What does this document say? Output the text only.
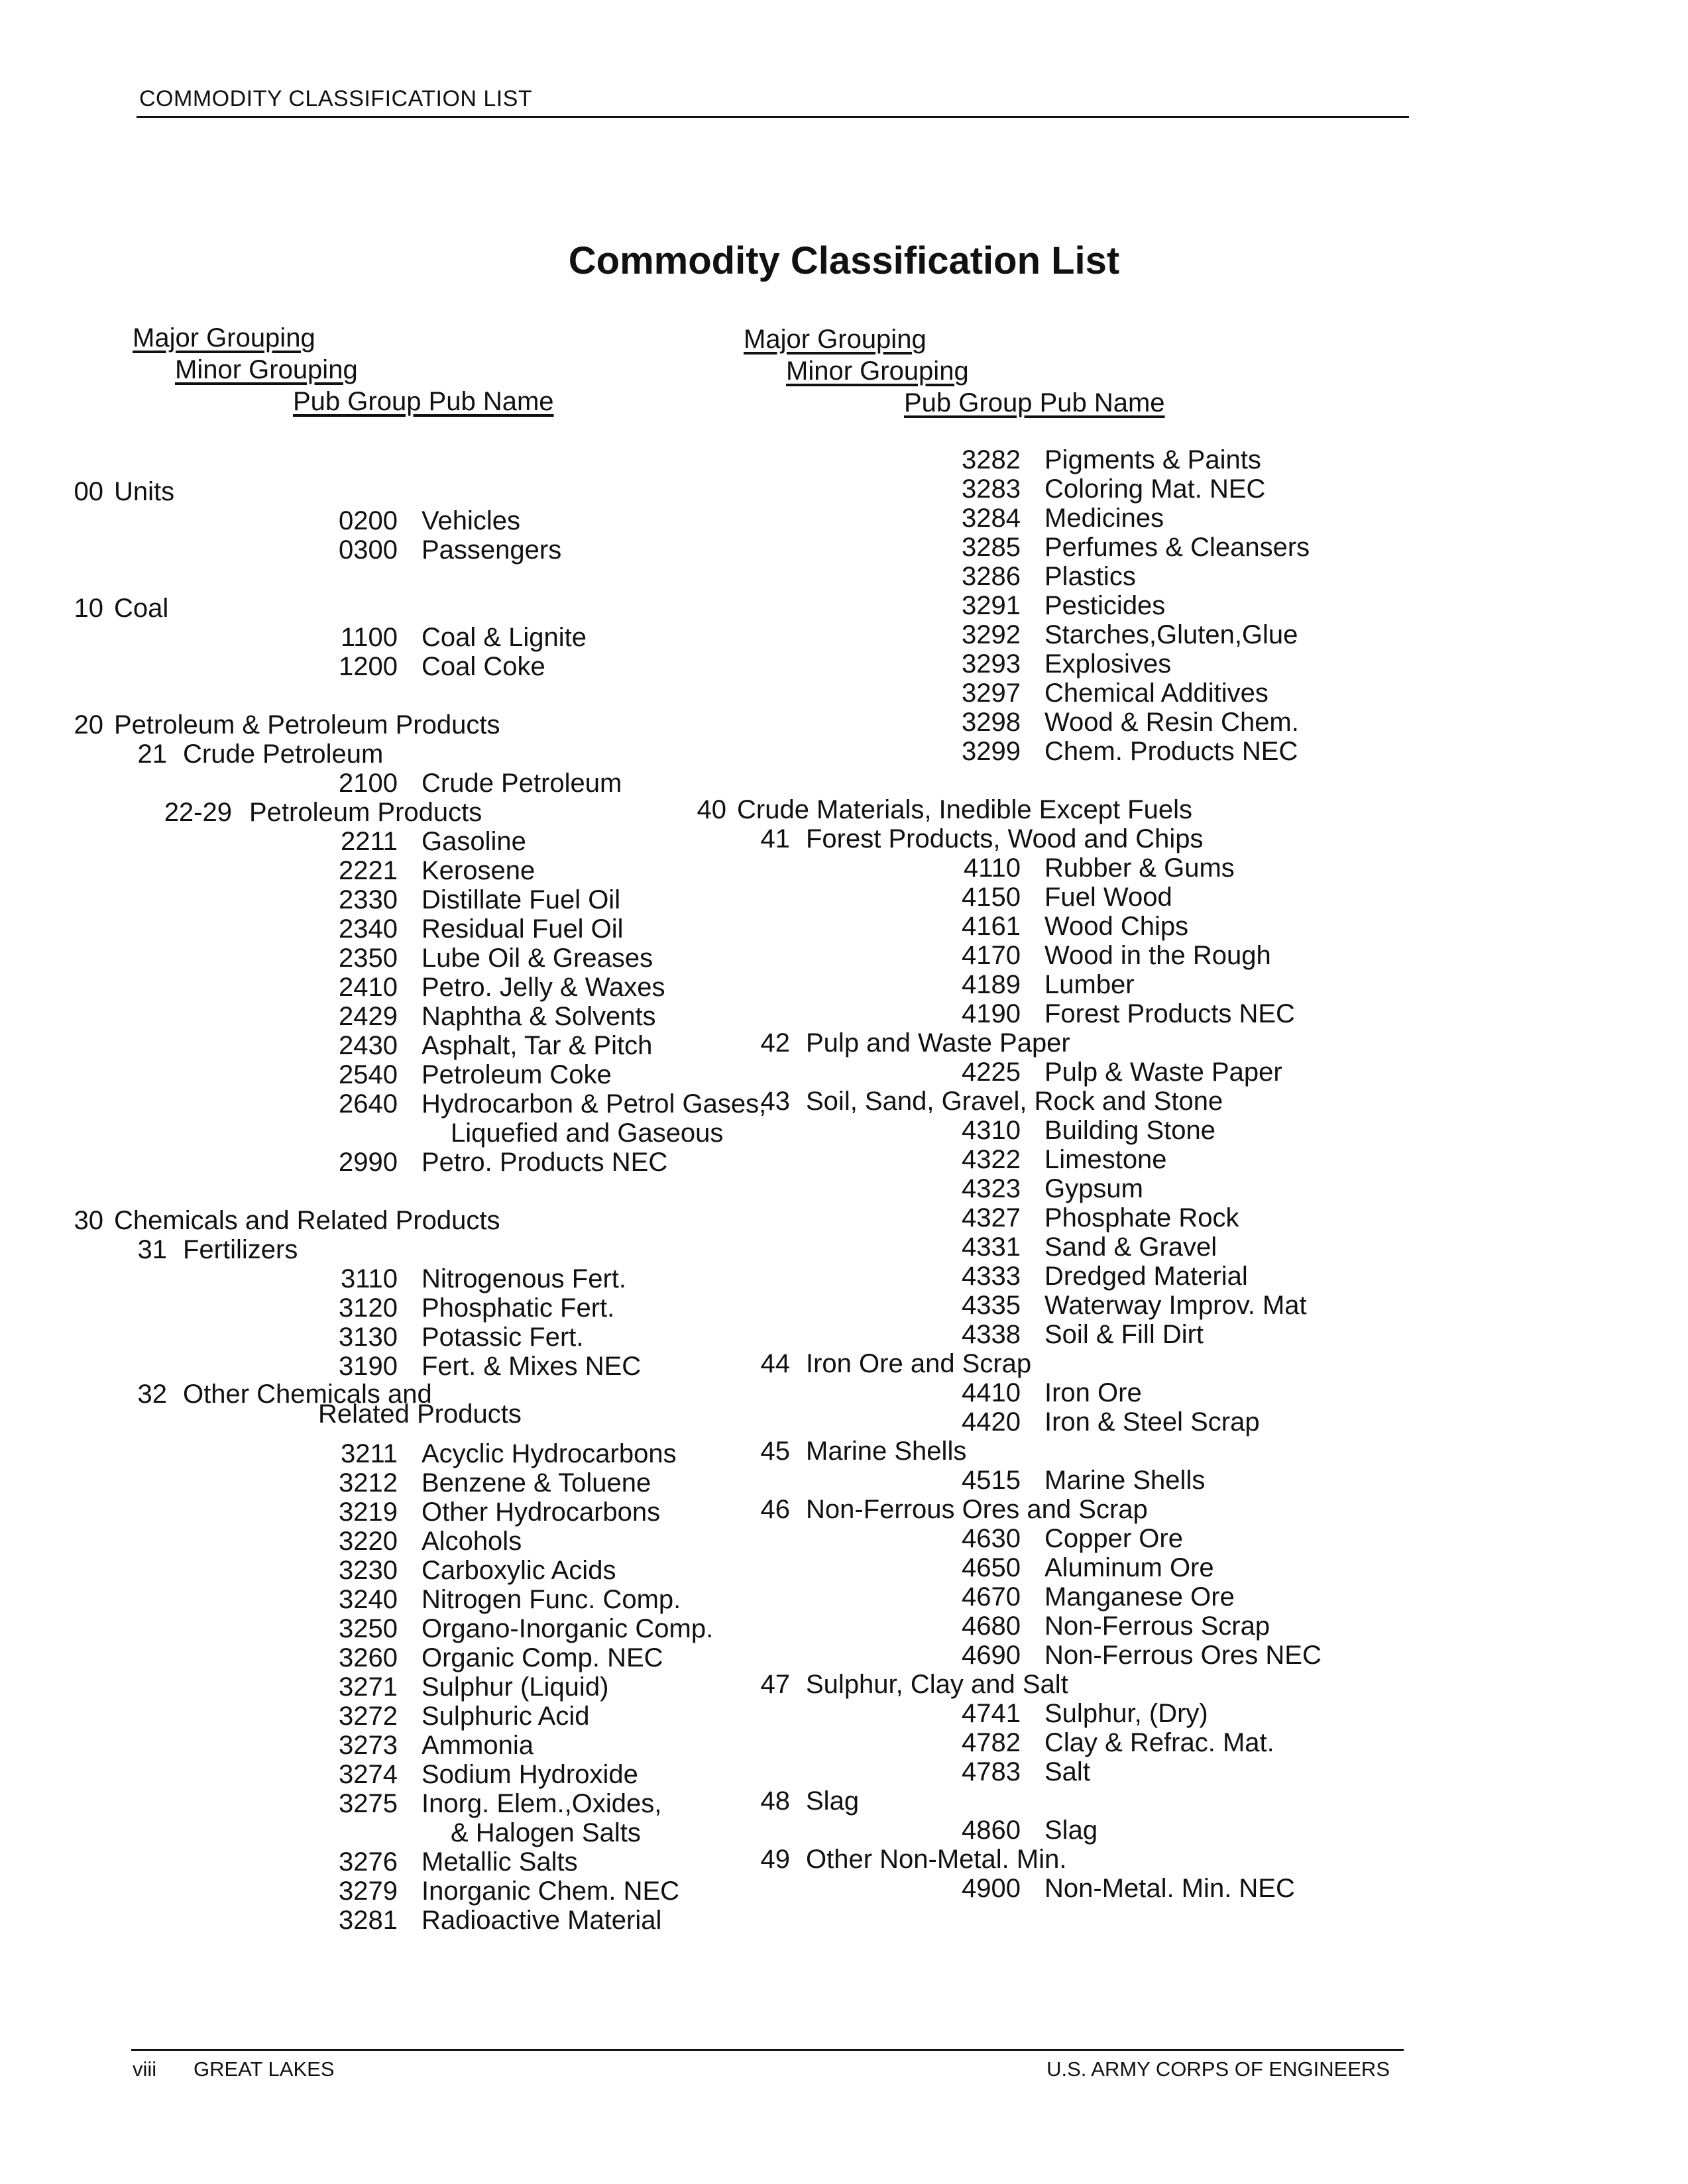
COMMODITY CLASSIFICATION LIST
Commodity Classification List
Major Grouping
Minor Grouping
Pub Group Pub Name
Major Grouping
Minor Grouping
Pub Group Pub Name
00 Units
0200 Vehicles
0300 Passengers
10 Coal
1100 Coal & Lignite
1200 Coal Coke
20 Petroleum & Petroleum Products
21 Crude Petroleum
2100 Crude Petroleum
22-29 Petroleum Products
2211 Gasoline
2221 Kerosene
2330 Distillate Fuel Oil
2340 Residual Fuel Oil
2350 Lube Oil & Greases
2410 Petro. Jelly & Waxes
2429 Naphtha & Solvents
2430 Asphalt, Tar & Pitch
2540 Petroleum Coke
2640 Hydrocarbon & Petrol Gases,
Liquefied and Gaseous
2990 Petro. Products NEC
30 Chemicals and Related Products
31 Fertilizers
3110 Nitrogenous Fert.
3120 Phosphatic Fert.
3130 Potassic Fert.
3190 Fert. & Mixes NEC
32 Other Chemicals and
Related Products
3211 Acyclic Hydrocarbons
3212 Benzene & Toluene
3219 Other Hydrocarbons
3220 Alcohols
3230 Carboxylic Acids
3240 Nitrogen Func. Comp.
3250 Organo-Inorganic Comp.
3260 Organic Comp. NEC
3271 Sulphur (Liquid)
3272 Sulphuric Acid
3273 Ammonia
3274 Sodium Hydroxide
3275 Inorg. Elem.,Oxides,
& Halogen Salts
3276 Metallic Salts
3279 Inorganic Chem. NEC
3281 Radioactive Material
3282 Pigments & Paints
3283 Coloring Mat. NEC
3284 Medicines
3285 Perfumes & Cleansers
3286 Plastics
3291 Pesticides
3292 Starches,Gluten,Glue
3293 Explosives
3297 Chemical Additives
3298 Wood & Resin Chem.
3299 Chem. Products NEC
40 Crude Materials, Inedible Except Fuels
41 Forest Products, Wood and Chips
4110 Rubber & Gums
4150 Fuel Wood
4161 Wood Chips
4170 Wood in the Rough
4189 Lumber
4190 Forest Products NEC
42 Pulp and Waste Paper
4225 Pulp & Waste Paper
43 Soil, Sand, Gravel, Rock and Stone
4310 Building Stone
4322 Limestone
4323 Gypsum
4327 Phosphate Rock
4331 Sand & Gravel
4333 Dredged Material
4335 Waterway Improv. Mat
4338 Soil & Fill Dirt
44 Iron Ore and Scrap
4410 Iron Ore
4420 Iron & Steel Scrap
45 Marine Shells
4515 Marine Shells
46 Non-Ferrous Ores and Scrap
4630 Copper Ore
4650 Aluminum Ore
4670 Manganese Ore
4680 Non-Ferrous Scrap
4690 Non-Ferrous Ores NEC
47 Sulphur, Clay and Salt
4741 Sulphur, (Dry)
4782 Clay & Refrac. Mat.
4783 Salt
48 Slag
4860 Slag
49 Other Non-Metal. Min.
4900 Non-Metal. Min. NEC
viii GREAT LAKES	U.S. ARMY CORPS OF ENGINEERS
